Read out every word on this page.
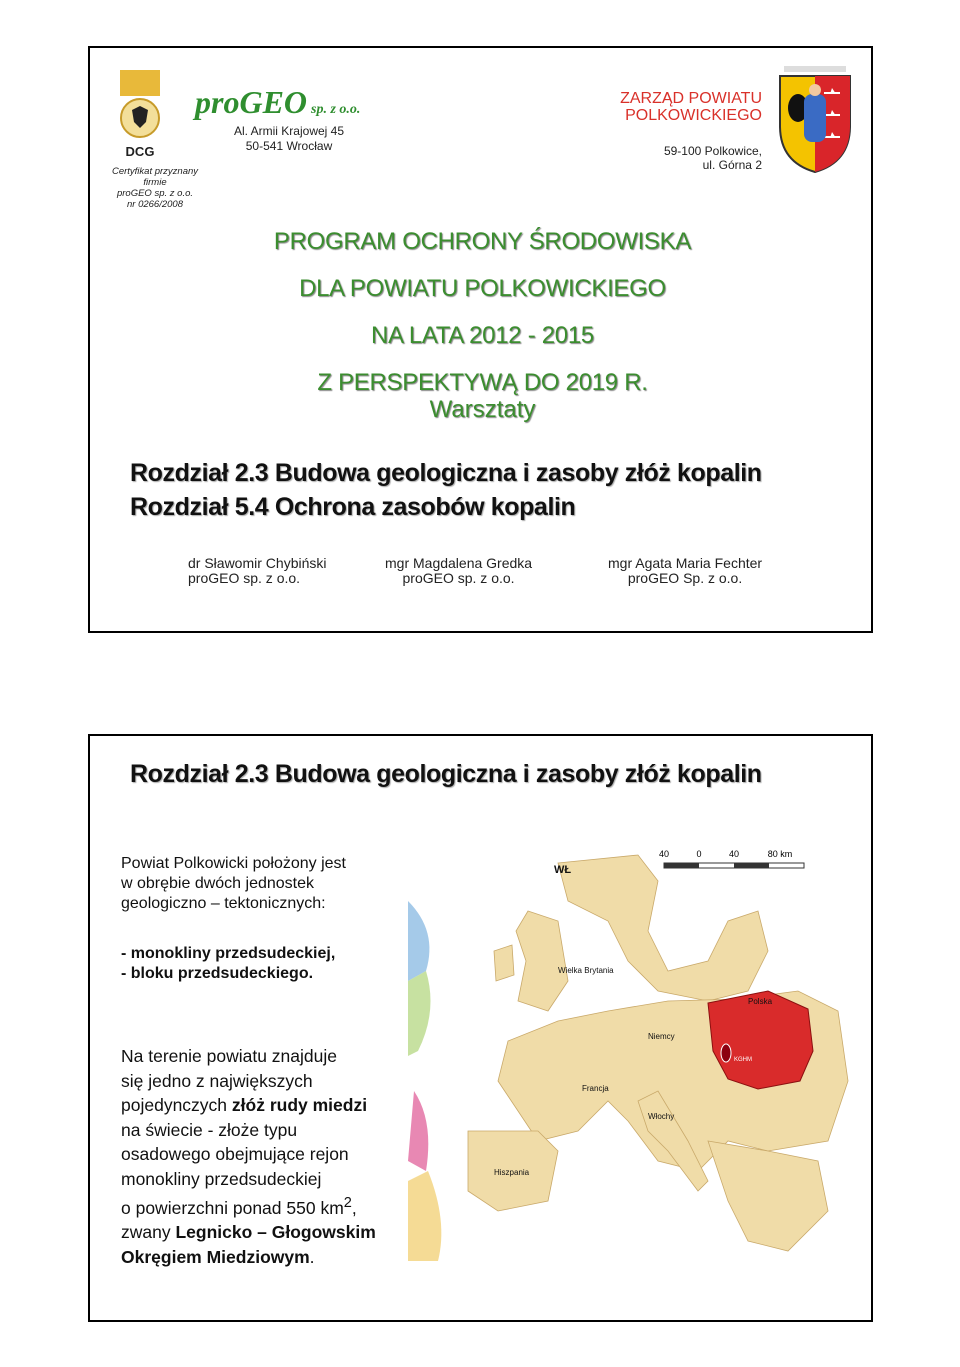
DCG
Certyfikat przyznany
firmie
proGEO sp. z o.o.
nr 0266/2008
proGEO sp. z o.o.
Al. Armii Krajowej 45
50-541 Wrocław
ZARZĄD POWIATU
POLKOWICKIEGO
59-100 Polkowice,
ul. Górna 2
PROGRAM OCHRONY ŚRODOWISKA
DLA POWIATU POLKOWICKIEGO
NA LATA 2012 - 2015
Z PERSPEKTYWĄ DO 2019 R.
Warsztaty
Rozdział 2.3 Budowa geologiczna i zasoby złóż kopalin
Rozdział 5.4 Ochrona zasobów kopalin
dr Sławomir Chybiński
proGEO sp. z o.o.
mgr Magdalena Gredka
proGEO sp. z o.o.
mgr Agata Maria Fechter
proGEO Sp. z o.o.
Rozdział 2.3 Budowa geologiczna i zasoby złóż kopalin
Powiat Polkowicki położony jest
w obrębie dwóch jednostek
geologiczno – tektonicznych:
- monokliny przedsudeckiej,
- bloku przedsudeckiego.
Na terenie powiatu znajduje
się jedno z największych
pojedynczych złóż rudy miedzi
na świecie - złoże typu
osadowego obejmujące rejon
monokliny przedsudeckiej
o powierzchni ponad 550 $km^2$,
zwany Legnicko – Głogowskim
Okręgiem Miedziowym.
40	0	40	80 km
WŁ
Wielka Brytania
Polska
Niemcy
Francja
Włochy
Hiszpania
KGHM
